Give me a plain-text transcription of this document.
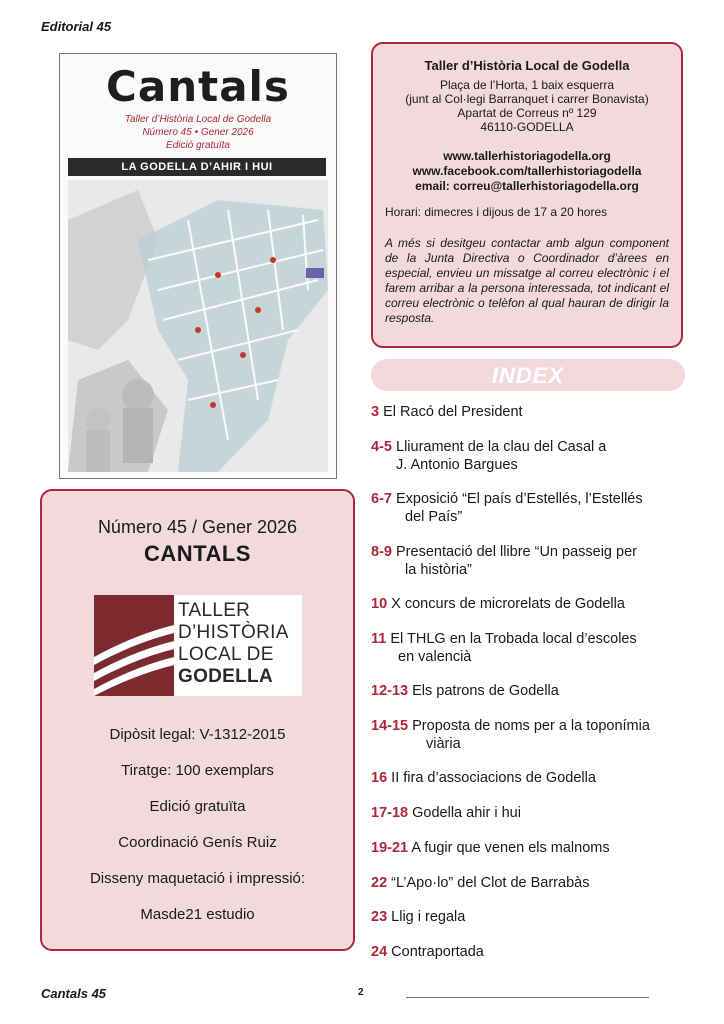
Editorial 45
Cantals
Taller d’Història Local de Godella
Número 45 • Gener 2026
Edició gratuïta
LA GODELLA D’AHIR I HUI
Taller d’Història Local de Godella
Plaça de l’Horta, 1 baix esquerra
(junt al Col·legi Barranquet i carrer Bonavista)
Apartat de Correus nº 129
46110-GODELLA
www.tallerhistoriagodella.org
www.facebook.com/tallerhistoriagodella
email: correu@tallerhistoriagodella.org
Horari: dimecres i dijous de 17 a 20 hores
A més si desitgeu contactar amb algun component de la Junta Directiva o Coordinador d’àrees en especial, envieu un missatge al correu electrònic i el farem arribar a la persona interessada, tot indicant el correu electrònic o telèfon al qual hauran de dirigir la resposta.
INDEX
3 El Racó del President
4-5 Lliurament de la clau del Casal a
J. Antonio Bargues
6-7 Exposició “El país d’Estellés, l’Estellés
del País”
8-9 Presentació del llibre “Un passeig per
la història”
10 X concurs de microrelats de Godella
11 El THLG en la Trobada local d’escoles
en valencià
12-13 Els patrons de Godella
14-15 Proposta de noms per a la toponímia
viària
16 II fira d’associacions de Godella
17-18 Godella ahir i hui
19-21 A fugir que venen els malnoms
22 “L’Apo·lo” del Clot de Barrabàs
23 Llig i regala
24 Contraportada
Número 45 / Gener 2026
CANTALS
TALLER
D’HISTÒRIA
LOCAL DE
GODELLA
Dipòsit legal: V-1312-2015
Tiratge: 100 exemplars
Edició gratuïta
Coordinació Genís Ruiz
Disseny maquetació i impressió:
Masde21 estudio
Cantals 45	2
